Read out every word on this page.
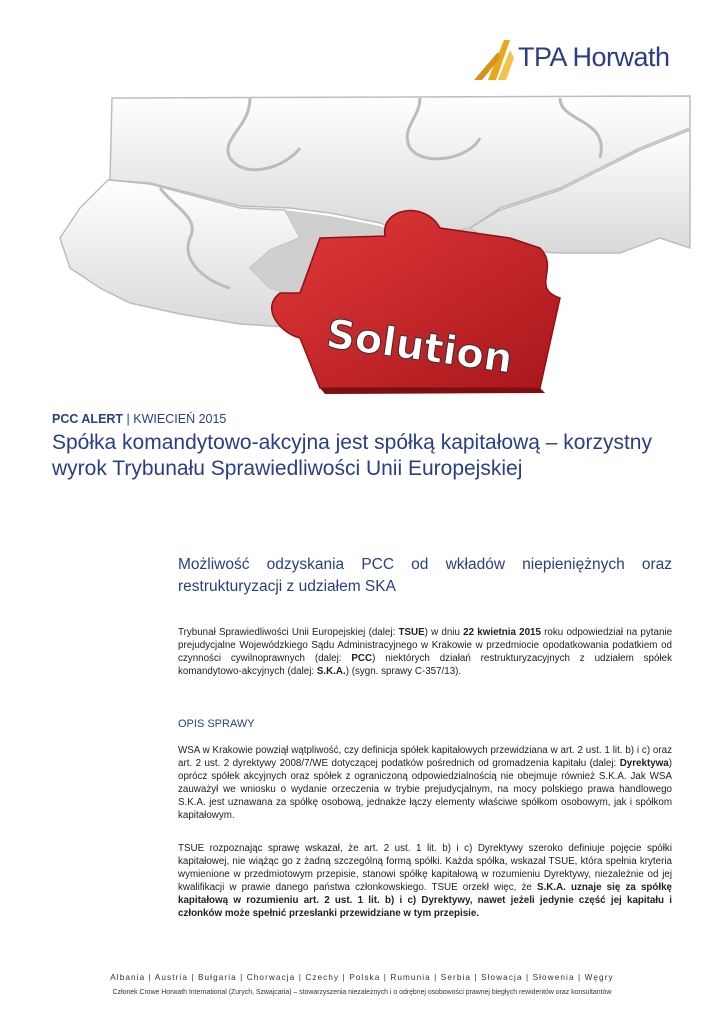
TPA Horwath
Solution
PCC ALERT | KWIECIEŃ 2015
Spółka komandytowo-akcyjna jest spółką kapitałową – korzystny wyrok Trybunału Sprawiedliwości Unii Europejskiej
Możliwość odzyskania PCC od wkładów niepieniężnych oraz restrukturyzacji z udziałem SKA
Trybunał Sprawiedliwości Unii Europejskiej (dalej: TSUE) w dniu 22 kwietnia 2015 roku odpowiedział na pytanie prejudycjalne Wojewódzkiego Sądu Administracyjnego w Krakowie w przedmiocie opodatkowania podatkiem od czynności cywilnoprawnych (dalej: PCC) niektórych działań restrukturyzacyjnych z udziałem spółek komandytowo-akcyjnych (dalej: S.K.A.) (sygn. sprawy C-357/13).
OPIS SPRAWY
WSA w Krakowie powziął wątpliwość, czy definicja spółek kapitałowych przewidziana w art. 2 ust. 1 lit. b) i c) oraz art. 2 ust. 2 dyrektywy 2008/7/WE dotyczącej podatków pośrednich od gromadzenia kapitału (dalej: Dyrektywa) oprócz spółek akcyjnych oraz spółek z ograniczoną odpowiedzialnością nie obejmuje również S.K.A. Jak WSA zauważył we wniosku o wydanie orzeczenia w trybie prejudycjalnym, na mocy polskiego prawa handlowego S.K.A. jest uznawana za spółkę osobową, jednakże łączy elementy właściwe spółkom osobowym, jak i spółkom kapitałowym.
TSUE rozpoznając sprawę wskazał, że art. 2 ust. 1 lit. b) i c) Dyrektywy szeroko definiuje pojęcie spółki kapitałowej, nie wiążąc go z żadną szczególną formą spółki. Każda spółka, wskazał TSUE, która spełnia kryteria wymienione w przedmiotowym przepisie, stanowi spółkę kapitałową w rozumieniu Dyrektywy, niezależnie od jej kwalifikacji w prawie danego państwa członkowskiego. TSUE orzekł więc, że S.K.A. uznaje się za spółkę kapitałową w rozumieniu art. 2 ust. 1 lit. b) i c) Dyrektywy, nawet jeżeli jedynie część jej kapitału i członków może spełnić przesłanki przewidziane w tym przepisie.
Albania | Austria | Bułgaria | Chorwacja | Czechy | Polska | Rumunia | Serbia | Słowacja | Słowenia | Węgry
Członek Crowe Horwath International (Zurych, Szwajcaria) – stowarzyszenia niezależnych i o odrębnej osobowości prawnej biegłych rewidentów oraz konsultantów
